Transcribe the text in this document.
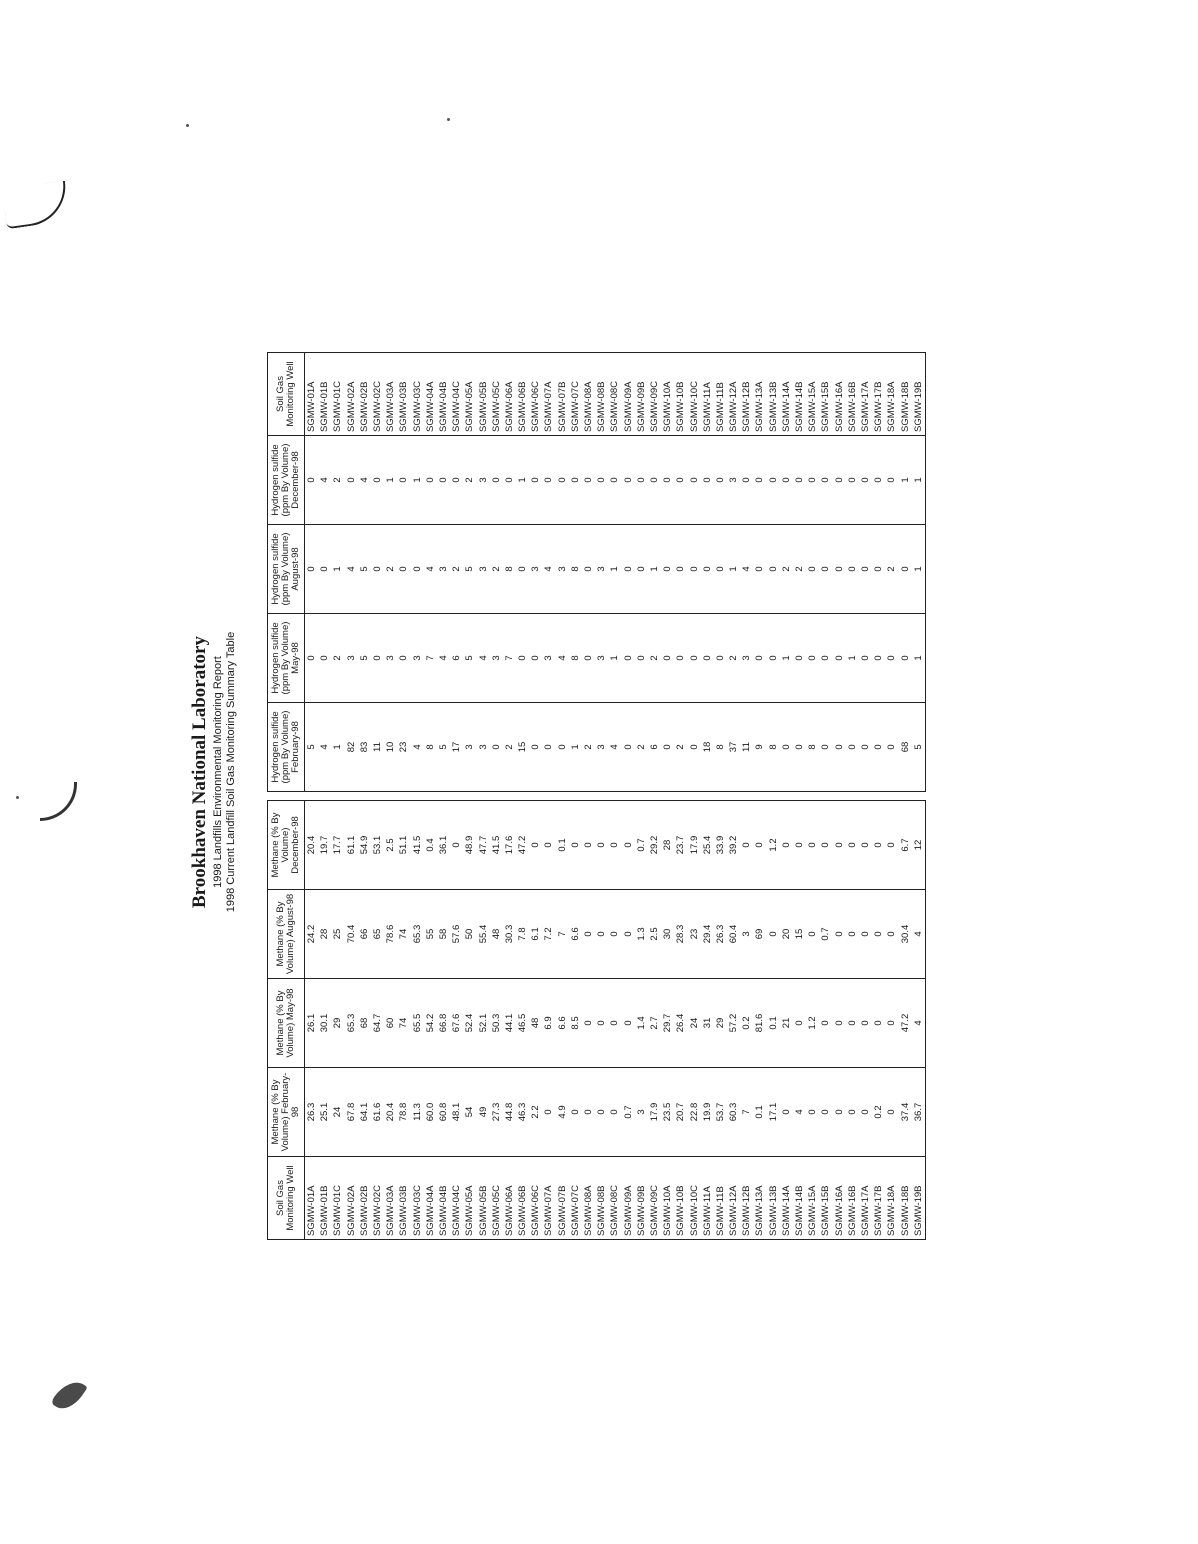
Brookhaven National Laboratory 1998 Landfills Environmental Monitoring Report 1998 Current Landfill Soil Gas Monitoring Summary Table
Soil Gas Monitoring Well	Methane (% By Volume) February-98	Methane (% By Volume) May-98	Methane (% By Volume) August-98	Methane (% By Volume) December-98
SGMW-01A	26.3	26.1	24.2	20.4
SGMW-01B	25.1	30.1	28	19.7
SGMW-01C	24	29	25	17.7
SGMW-02A	67.8	65.3	70.4	61.1
SGMW-02B	64.1	68	66	54.9
SGMW-02C	61.6	64.7	65	53.1
SGMW-03A	20.4	60	78.6	2.5
SGMW-03B	78.8	74	74	51.1
SGMW-03C	11.3	65.5	65.3	41.5
SGMW-04A	60.0	54.2	55	0.4
SGMW-04B	60.8	66.8	58	36.1
SGMW-04C	48.1	67.6	57.6	0
SGMW-05A	54	52.4	50	48.9
SGMW-05B	49	52.1	55.4	47.7
SGMW-05C	27.3	50.3	48	41.5
SGMW-06A	44.8	44.1	30.3	17.6
SGMW-06B	46.3	46.5	7.8	47.2
SGMW-06C	2.2	48	6.1	0
SGMW-07A	0	6.9	7.2	0
SGMW-07B	4.9	6.6	7	0.1
SGMW-07C	0	8.5	6.6	0
SGMW-08A	0	0	0	0
SGMW-08B	0	0	0	0
SGMW-08C	0	0	0	0
SGMW-09A	0.7	0	0	0
SGMW-09B	3	1.4	1.3	0.7
SGMW-09C	17.9	2.7	2.5	29.2
SGMW-10A	23.5	29.7	30	28
SGMW-10B	20.7	26.4	28.3	23.7
SGMW-10C	22.8	24	23	17.9
SGMW-11A	19.9	31	29.4	25.4
SGMW-11B	53.7	29	26.3	33.9
SGMW-12A	60.3	57.2	60.4	39.2
SGMW-12B	7	0.2	3	0
SGMW-13A	0.1	81.6	69	0
SGMW-13B	17.1	0.1	0	1.2
SGMW-14A	0	21	20	0
SGMW-14B	4	0	15	0
SGMW-15A	0	1.2	0	0
SGMW-15B	0	0	0.7	0
SGMW-16A	0	0	0	0
SGMW-16B	0	0	0	0
SGMW-17A	0	0	0	0
SGMW-17B	0.2	0	0	0
SGMW-18A	0	0	0	0
SGMW-18B	37.4	47.2	30.4	6.7
SGMW-19B	36.7	4	4	12
Hydrogen sulfide (ppm By Volume) February-98	Hydrogen sulfide (ppm By Volume) May-98	Hydrogen sulfide (ppm By Volume) August-98	Hydrogen sulfide (ppm By Volume) December-98	Soil Gas Monitoring Well
5	0	0	0	SGMW-01A
4	0	0	4	SGMW-01B
1	2	1	2	SGMW-01C
82	3	4	0	SGMW-02A
83	5	5	4	SGMW-02B
11	0	0	0	SGMW-02C
10	3	2	1	SGMW-03A
23	0	0	0	SGMW-03B
4	3	0	1	SGMW-03C
8	7	4	0	SGMW-04A
5	4	3	0	SGMW-04B
17	6	2	0	SGMW-04C
3	5	5	2	SGMW-05A
3	4	3	3	SGMW-05B
0	3	2	0	SGMW-05C
2	7	8	0	SGMW-06A
15	0	0	1	SGMW-06B
0	0	3	0	SGMW-06C
0	3	4	0	SGMW-07A
0	4	3	0	SGMW-07B
1	8	8	0	SGMW-07C
2	0	0	0	SGMW-08A
3	3	3	0	SGMW-08B
4	1	1	0	SGMW-08C
0	0	0	0	SGMW-09A
2	0	0	0	SGMW-09B
6	2	1	0	SGMW-09C
0	0	0	0	SGMW-10A
2	0	0	0	SGMW-10B
0	0	0	0	SGMW-10C
18	0	0	0	SGMW-11A
8	0	0	0	SGMW-11B
37	2	1	3	SGMW-12A
11	3	4	0	SGMW-12B
9	0	0	0	SGMW-13A
8	0	0	0	SGMW-13B
0	1	2	0	SGMW-14A
0	0	2	0	SGMW-14B
8	0	0	0	SGMW-15A
0	0	0	0	SGMW-15B
0	0	0	0	SGMW-16A
0	1	0	0	SGMW-16B
0	0	0	0	SGMW-17A
0	0	0	0	SGMW-17B
0	0	2	0	SGMW-18A
68	0	0	1	SGMW-18B
5	1	1	1	SGMW-19B
